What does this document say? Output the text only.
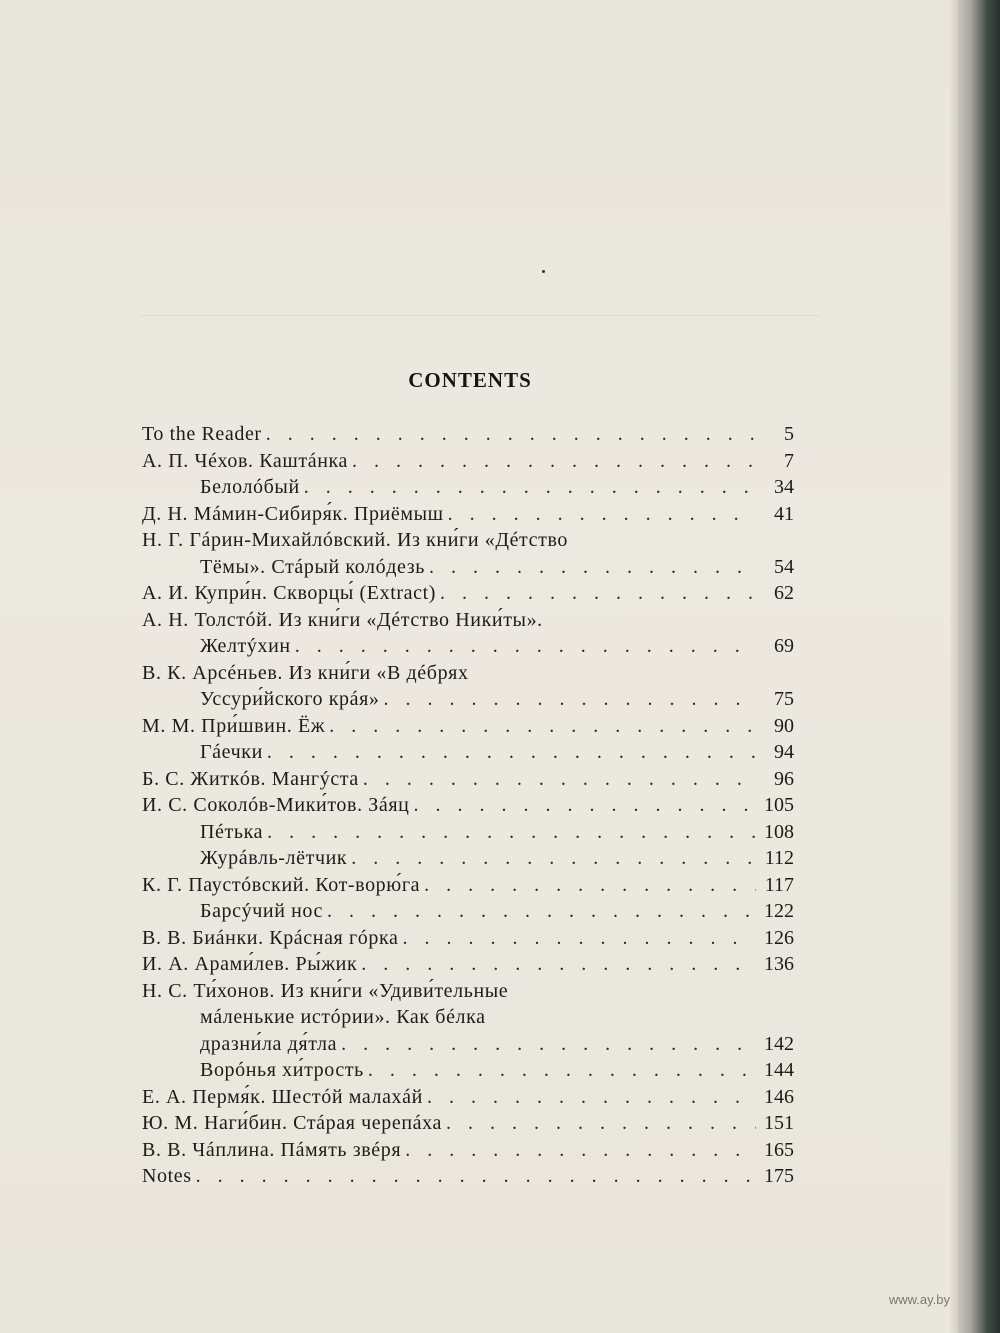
CONTENTS
To the Reader . . .	5
А. П. Чéхов. Каштáнка . . .	7
Белолóбый . . .	34
Д. Н. Мáмин-Сибиря́к. Приёмыш . . .	41
Н. Г. Гáрин-Михайлóвский. Из кни́ги «Дéтство
Тёмы». Стáрый колóдезь . . .	54
А. И. Купри́н. Скворцы́ (Extract) . . .	62
А. Н. Толстóй. Из кни́ги «Дéтство Ники́ты».
Желтýхин . . .	69
В. К. Арсéньев. Из кни́ги «В дéбрях
Уссури́йского крáя» . . .	75
М. М. При́швин. Ёж . . .	90
Гáечки . . .	94
Б. С. Житкóв. Мангýста . . .	96
И. С. Соколóв-Мики́тов. Зáяц . . .	105
Пéтька . . .	108
Журáвль-лётчик . . .	112
К. Г. Паустóвский. Кот-ворю́га . . .	117
Барсýчий нос . . .	122
В. В. Биáнки. Крáсная гóрка . . .	126
И. А. Арами́лев. Ры́жик . . .	136
Н. С. Ти́хонов. Из кни́ги «Удиви́тельные
мáленькие истóрии». Как бéлка
дразни́ла дя́тла . . .	142
Ворóнья хи́трость . . .	144
Е. А. Пермя́к. Шестóй малахáй . . .	146
Ю. М. Наги́бин. Стáрая черепáха . . .	151
В. В. Чáплина. Пáмять звéря . . .	165
Notes . . .	175
www.ay.by
